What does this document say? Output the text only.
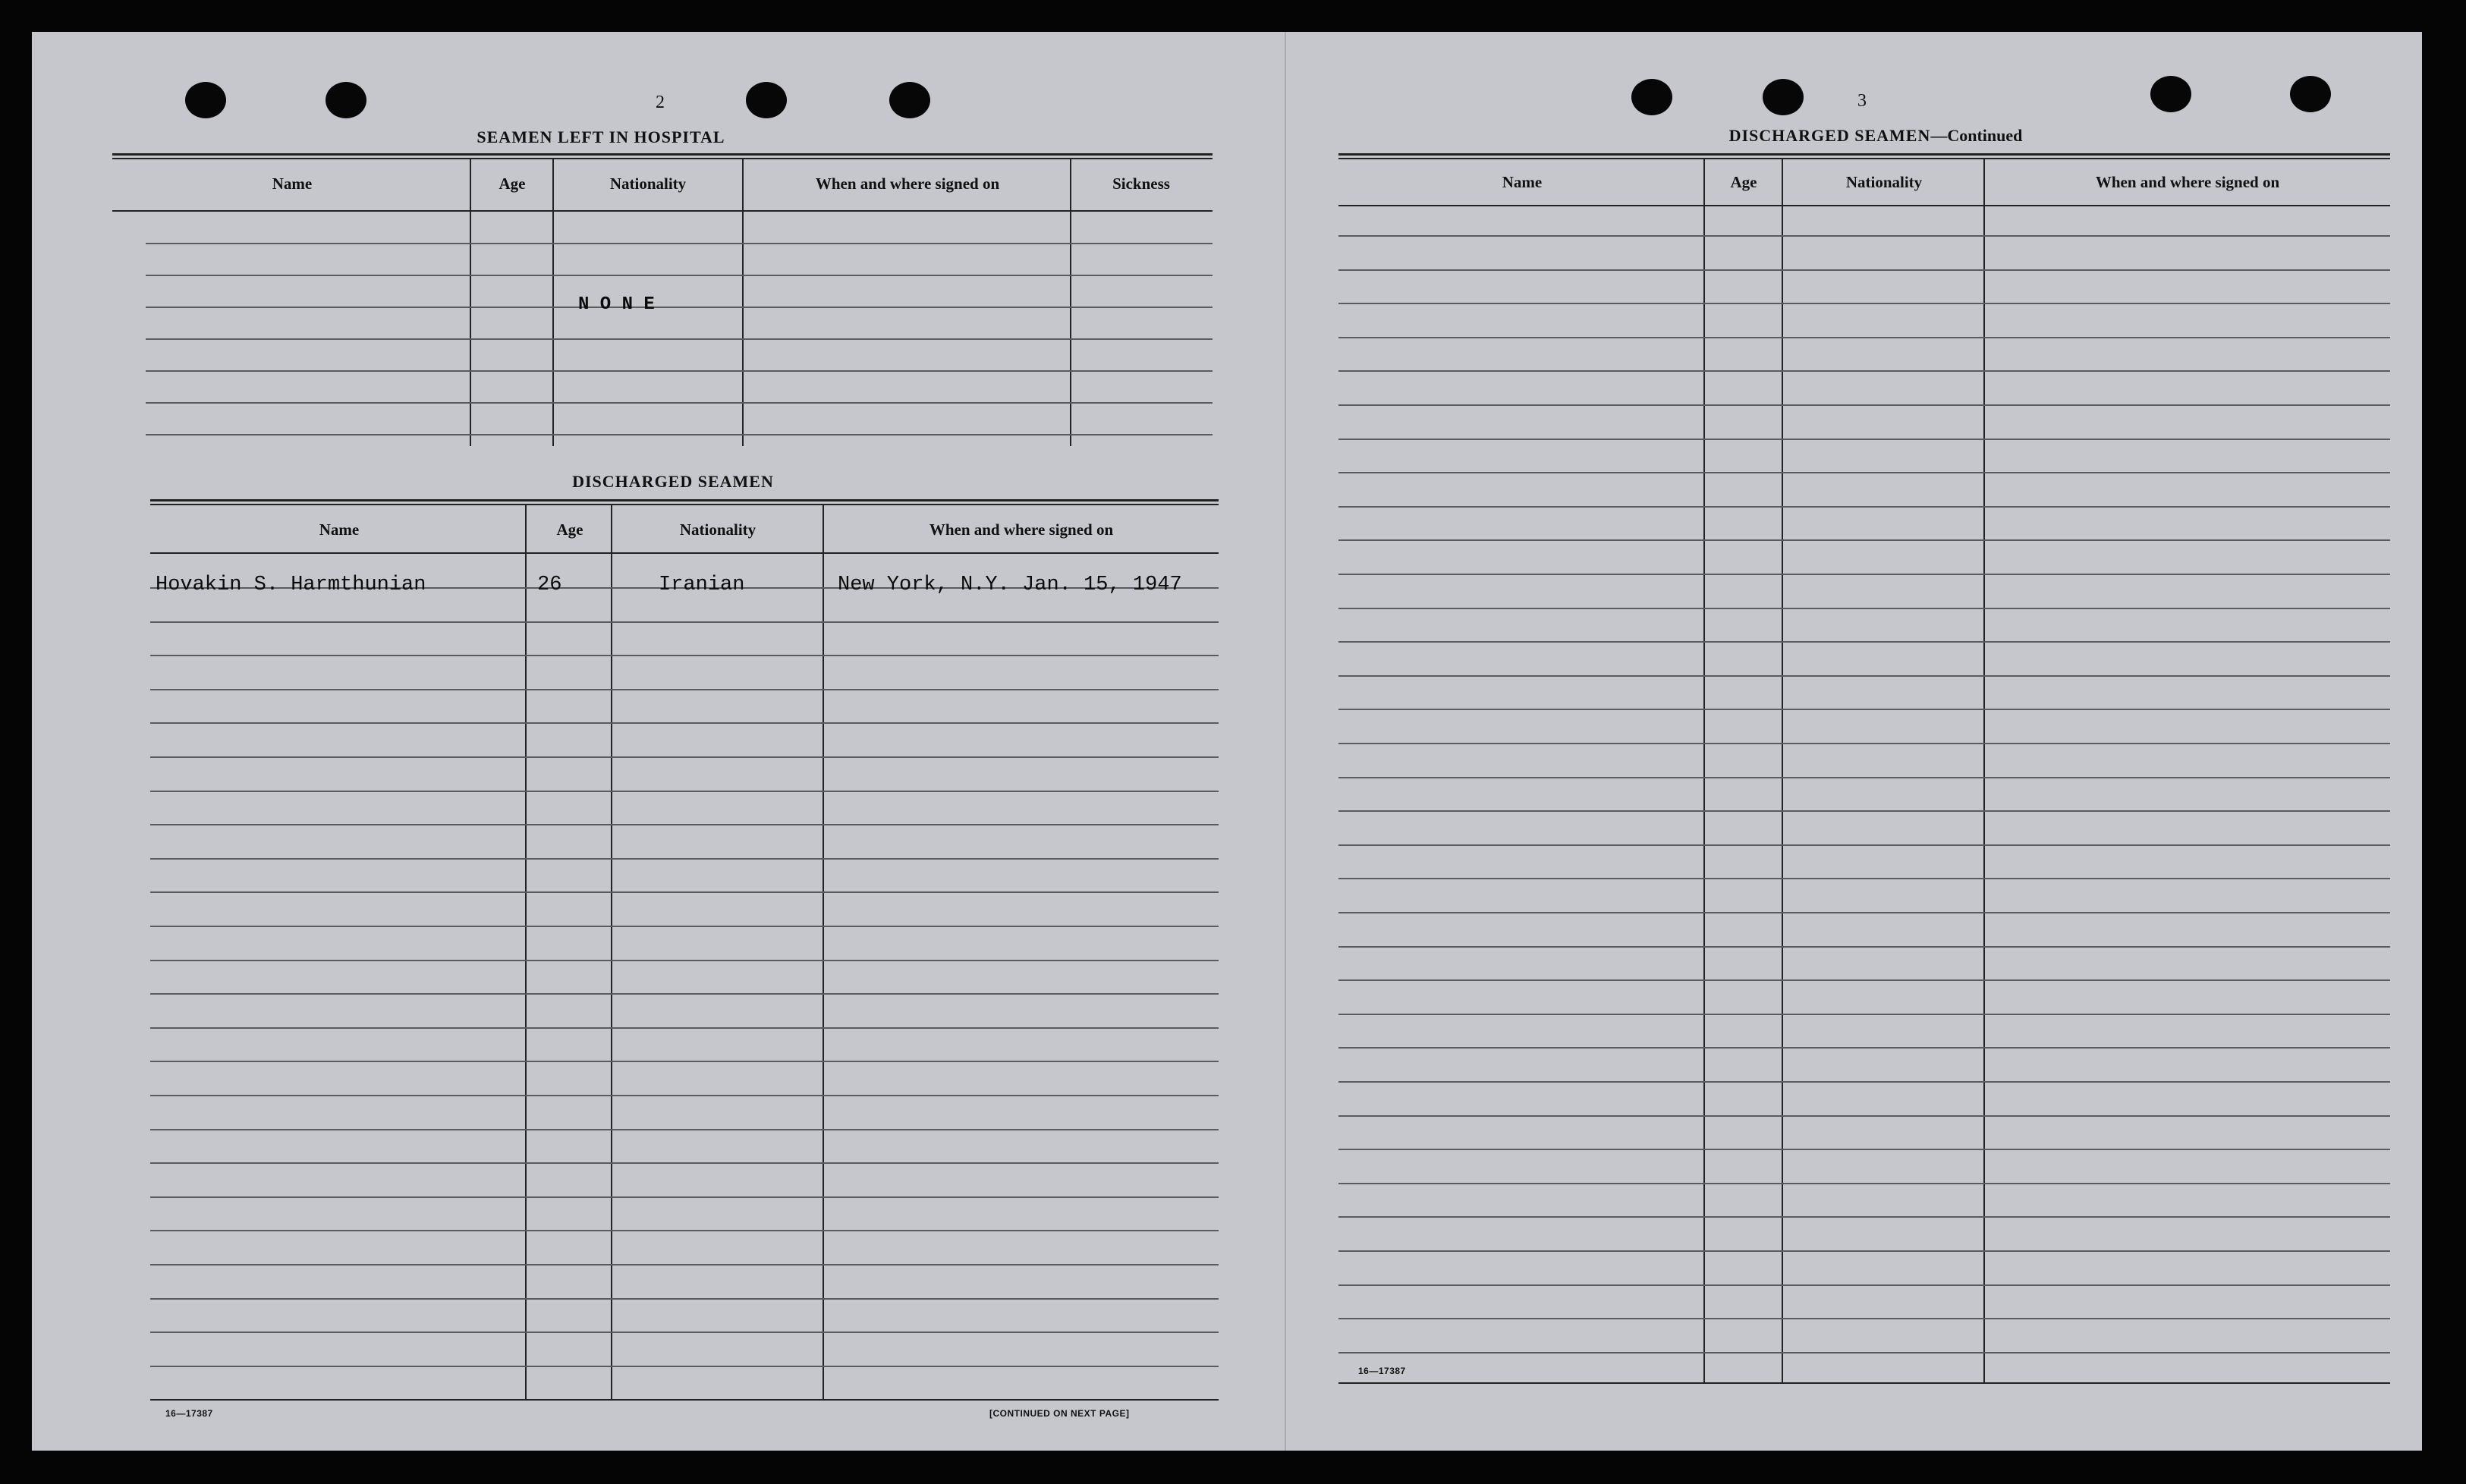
2
SEAMEN LEFT IN HOSPITAL
Name	Age	Nationality	When and where signed on	Sickness
N O N E
DISCHARGED SEAMEN
Name	Age	Nationality	When and where signed on
Hovakin S. Harmthunian	26	Iranian	New York, N.Y. Jan. 15, 1947
16—17387	[CONTINUED ON NEXT PAGE]
3
DISCHARGED SEAMEN—Continued
Name	Age	Nationality	When and where signed on
16—17387
